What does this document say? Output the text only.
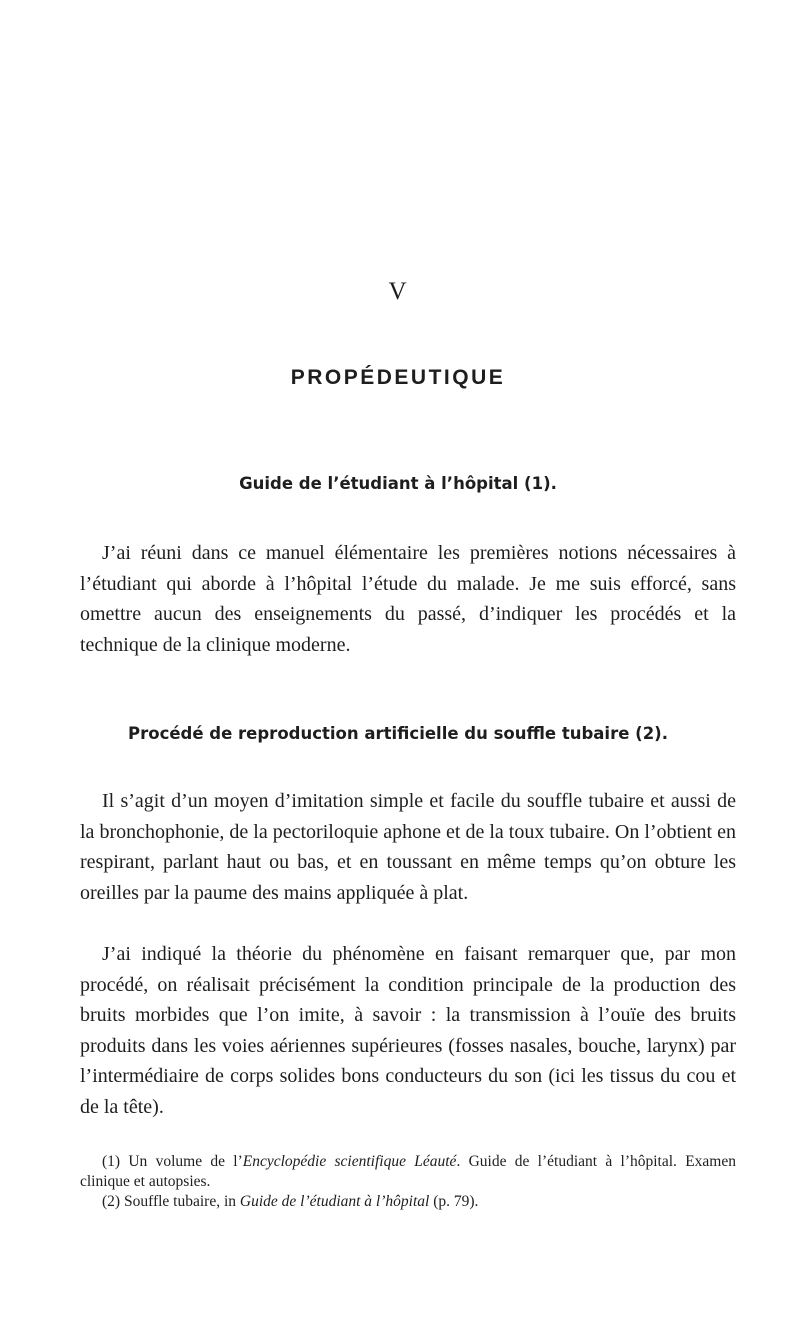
V
PROPÉDEUTIQUE
Guide de l’étudiant à l’hôpital (1).

J’ai réuni dans ce manuel élémentaire les premières notions nécessaires à l’étudiant qui aborde à l’hôpital l’étude du malade. Je me suis efforcé, sans omettre aucun des enseignements du passé, d’indiquer les procédés et la technique de la clinique moderne.

Procédé de reproduction artificielle du souffle tubaire (2).

Il s’agit d’un moyen d’imitation simple et facile du souffle tubaire et aussi de la bronchophonie, de la pectoriloquie aphone et de la toux tubaire. On l’obtient en respirant, parlant haut ou bas, et en toussant en même temps qu’on obture les oreilles par la paume des mains appliquée à plat.

J’ai indiqué la théorie du phénomène en faisant remarquer que, par mon procédé, on réalisait précisément la condition principale de la production des bruits morbides que l’on imite, à savoir : la transmission à l’ouïe des bruits produits dans les voies aériennes supérieures (fosses nasales, bouche, larynx) par l’intermédiaire de corps solides bons conducteurs du son (ici les tissus du cou et de la tête).

(1) Un volume de l’Encyclopédie scientifique Léauté. Guide de l’étudiant à l’hôpital. Examen clinique et autopsies.

(2) Souffle tubaire, in Guide de l’étudiant à l’hôpital (p. 79).
